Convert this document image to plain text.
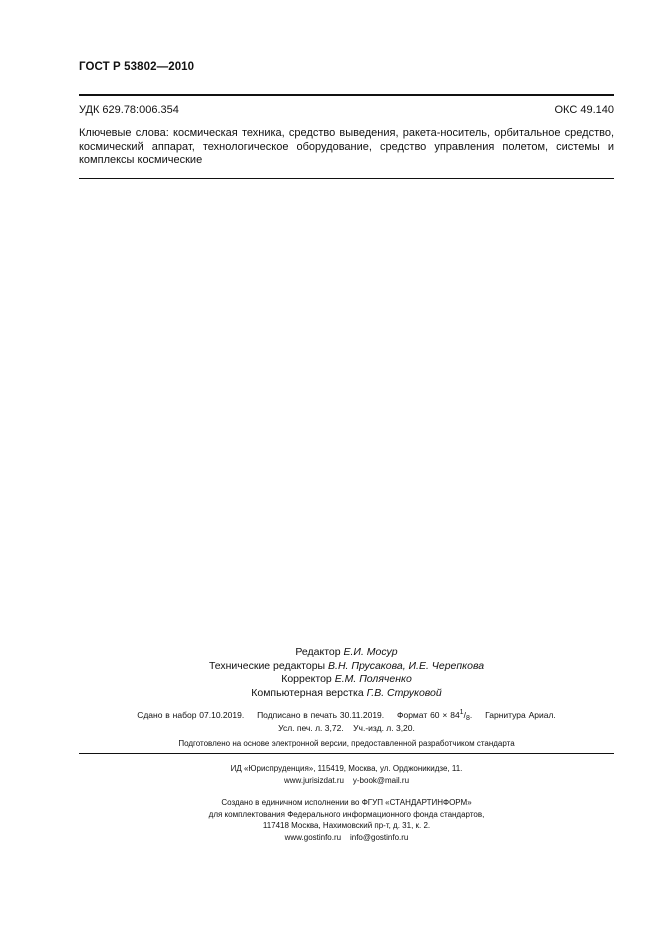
ГОСТ Р 53802—2010
УДК 629.78:006.354	ОКС 49.140
Ключевые слова: космическая техника, средство выведения, ракета-носитель, орбитальное средство, космический аппарат, технологическое оборудование, средство управления полетом, системы и комплексы космические
Редактор Е.И. Мосур
Технические редакторы В.Н. Прусакова, И.Е. Черепкова
Корректор Е.М. Поляченко
Компьютерная верстка Г.В. Струковой
Сдано в набор 07.10.2019. Подписано в печать 30.11.2019. Формат $60 \times 84^1/_8$. Гарнитура Ариал.
Усл. печ. л. 3,72. Уч.-изд. л. 3,20.
Подготовлено на основе электронной версии, предоставленной разработчиком стандарта
ИД «Юриспруденция», 115419, Москва, ул. Орджоникидзе, 11.
www.jurisizdat.ru y-book@mail.ru
Создано в единичном исполнении во ФГУП «СТАНДАРТИНФОРМ»
для комплектования Федерального информационного фонда стандартов,
117418 Москва, Нахимовский пр-т, д. 31, к. 2.
www.gostinfo.ru info@gostinfo.ru
